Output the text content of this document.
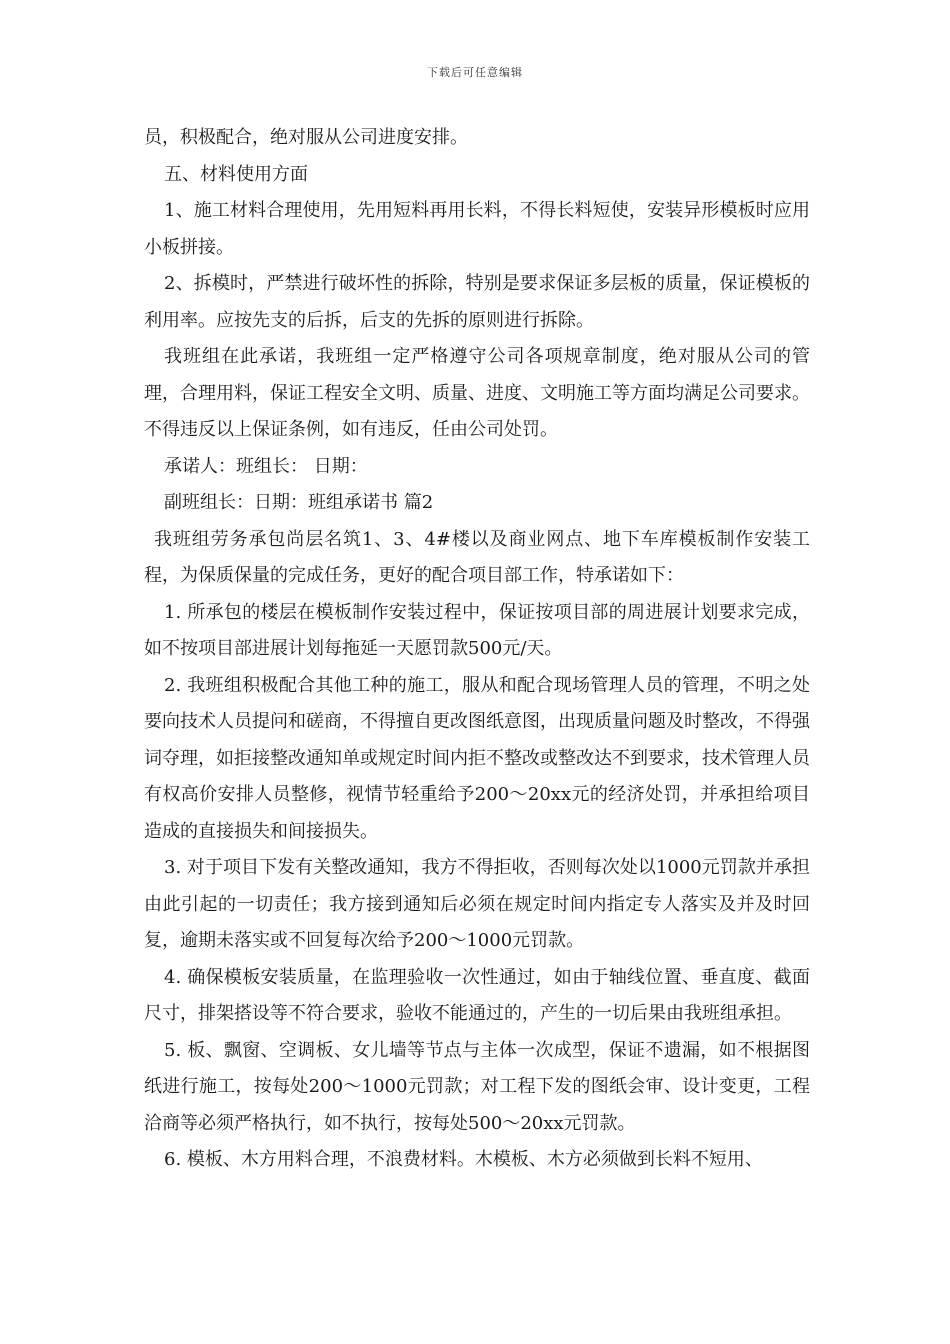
下载后可任意编辑

员，积极配合，绝对服从公司进度安排。

五、材料使用方面

1、施工材料合理使用，先用短料再用长料，不得长料短使，安装异形模板时应用小板拼接。

2、拆模时，严禁进行破坏性的拆除，特别是要求保证多层板的质量，保证模板的利用率。应按先支的后拆，后支的先拆的原则进行拆除。

我班组在此承诺，我班组一定严格遵守公司各项规章制度，绝对服从公司的管理，合理用料，保证工程安全文明、质量、进度、文明施工等方面均满足公司要求。不得违反以上保证条例，如有违反，任由公司处罚。

承诺人：班组长： 日期：

副班组长：日期：班组承诺书 篇2

我班组劳务承包尚层名筑1、3、4#楼以及商业网点、地下车库模板制作安装工程，为保质保量的完成任务，更好的配合项目部工作，特承诺如下：

1. 所承包的楼层在模板制作安装过程中，保证按项目部的周进展计划要求完成，如不按项目部进展计划每拖延一天愿罚款500元/天。

2. 我班组积极配合其他工种的施工，服从和配合现场管理人员的管理，不明之处要向技术人员提问和磋商，不得擅自更改图纸意图，出现质量问题及时整改，不得强词夺理，如拒接整改通知单或规定时间内拒不整改或整改达不到要求，技术管理人员有权高价安排人员整修，视情节轻重给予200～20xx元的经济处罚，并承担给项目造成的直接损失和间接损失。

3. 对于项目下发有关整改通知，我方不得拒收，否则每次处以1000元罚款并承担由此引起的一切责任；我方接到通知后必须在规定时间内指定专人落实及并及时回复，逾期未落实或不回复每次给予200～1000元罚款。

4. 确保模板安装质量，在监理验收一次性通过，如由于轴线位置、垂直度、截面尺寸，排架搭设等不符合要求，验收不能通过的，产生的一切后果由我班组承担。

5. 板、飘窗、空调板、女儿墙等节点与主体一次成型，保证不遗漏，如不根据图纸进行施工，按每处200～1000元罚款；对工程下发的图纸会审、设计变更，工程洽商等必须严格执行，如不执行，按每处500～20xx元罚款。

6. 模板、木方用料合理，不浪费材料。木模板、木方必须做到长料不短用、
